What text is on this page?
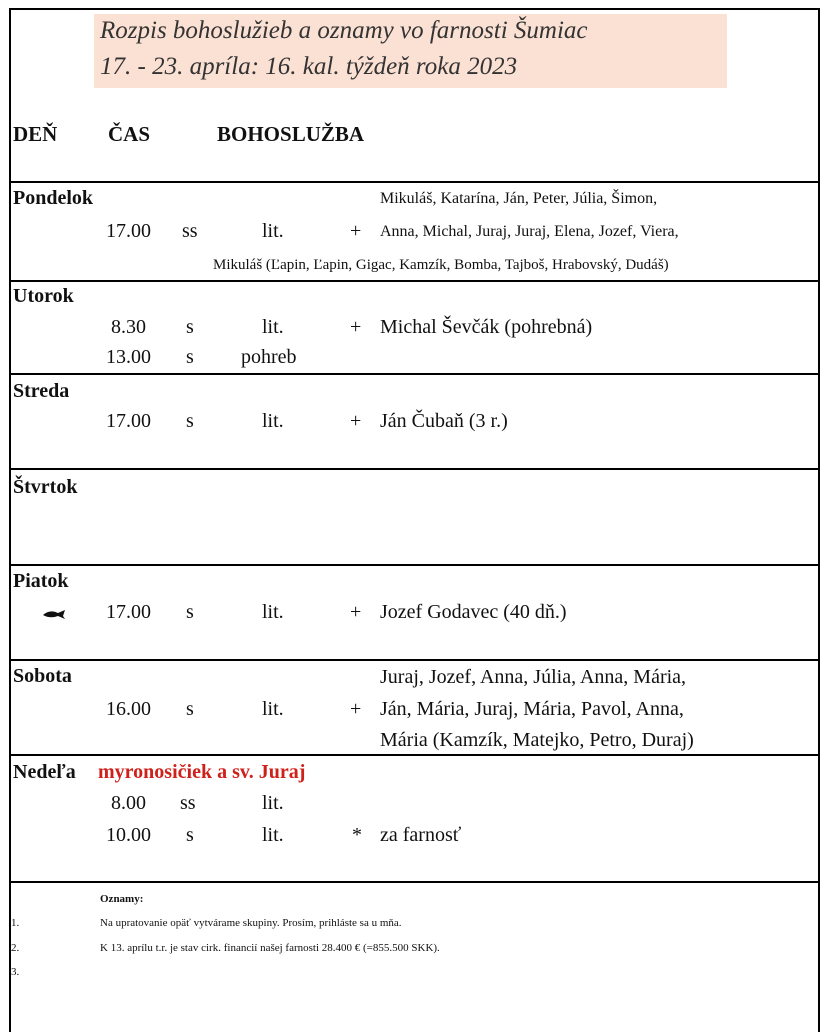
Rozpis bohoslužieb a oznamy vo farnosti Šumiac
17. - 23. apríla: 16. kal. týždeň roka 2023
DEŇ ČAS	BOHOSLUŽBA
Pondelok	Mikuláš, Katarína, Ján, Peter, Júlia, Šimon,
17.00 ss	lit.	+ Anna, Michal, Juraj, Juraj, Elena, Jozef, Viera,
Mikuláš (Ľapin, Ľapin, Gigac, Kamzík, Bomba, Tajboš, Hrabovský, Dudáš)
Utorok
8.30 s	lit.	+ Michal Ševčák (pohrebná)
13.00 s pohreb
Streda
17.00 s	lit.	+ Ján Čubaň (3 r.)
Štvrtok
Piatok
17.00 s	lit.	+ Jozef Godavec (40 dň.)
Sobota	Juraj, Jozef, Anna, Júlia, Anna, Mária,
16.00 s	lit.	+ Ján, Mária, Juraj, Mária, Pavol, Anna,
Mária (Kamzík, Matejko, Petro, Duraj)
Nedeľa myronosičiek a sv. Juraj
8.00 ss	lit.
10.00 s	lit.	* za farnosť
Oznamy:
1.	Na upratovanie opäť vytvárame skupiny. Prosím, prihláste sa u mňa.
2.	K 13. aprílu t.r. je stav cirk. financií našej farnosti 28.400 € (=855.500 SKK).
3.
